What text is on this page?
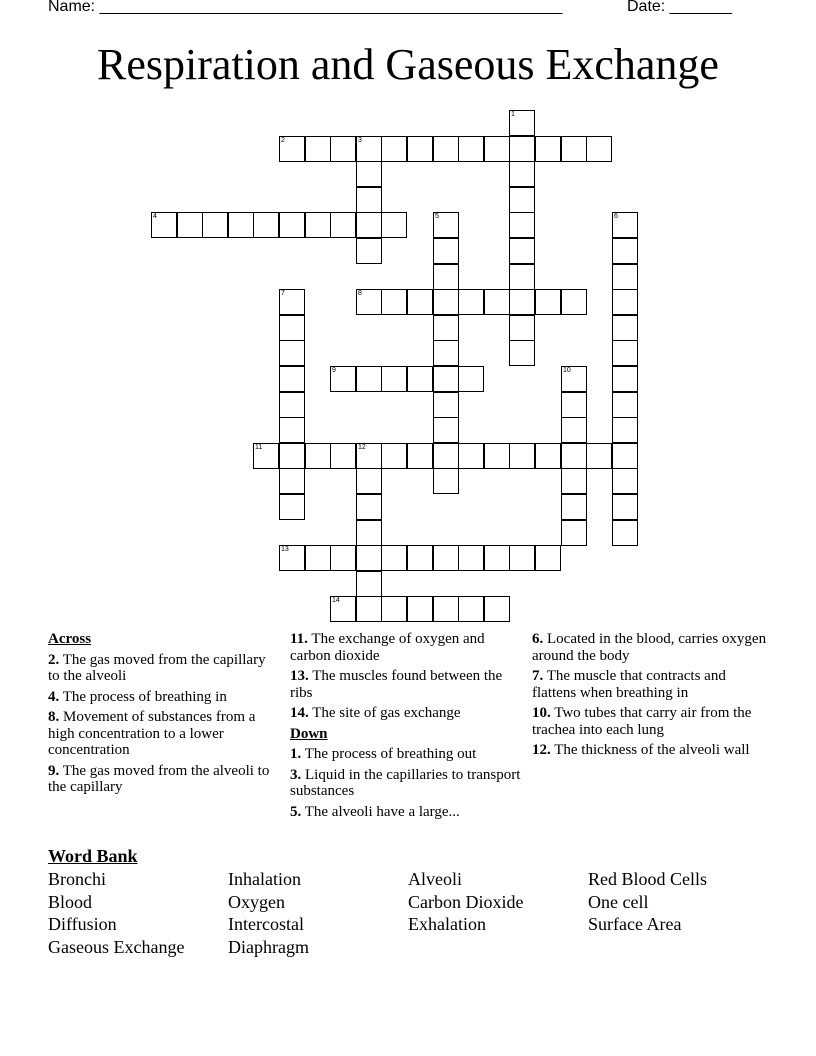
Name: ____________________________________________________	Date: _______
Respiration and Gaseous Exchange
2	3
4
8
9
11	12
13
14
1
5	6
7
10
Across
2. The gas moved from the capillary to the alveoli
4. The process of breathing in
8. Movement of substances from a high concentration to a lower concentration
9. The gas moved from the alveoli to the capillary
11. The exchange of oxygen and carbon dioxide
13. The muscles found between the ribs
14. The site of gas exchange
Down
1. The process of breathing out
3. Liquid in the capillaries to transport substances
5. The alveoli have a large...
6. Located in the blood, carries oxygen around the body
7. The muscle that contracts and flattens when breathing in
10. Two tubes that carry air from the trachea into each lung
12. The thickness of the alveoli wall
Word Bank
Bronchi
Blood
Diffusion
Gaseous Exchange
Inhalation
Oxygen
Intercostal
Diaphragm
Alveoli
Carbon Dioxide
Exhalation
Red Blood Cells
One cell
Surface Area
